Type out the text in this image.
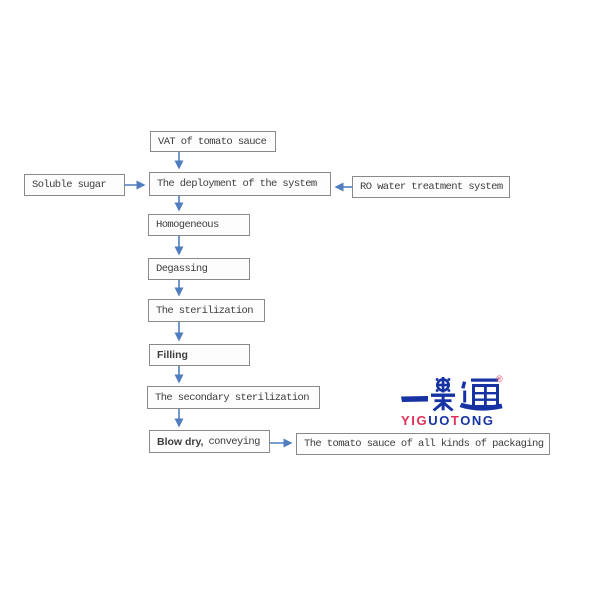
VAT of tomato sauce
Soluble sugar	The deployment of the system	RO water treatment system
Homogeneous
Degassing
The sterilization
Filling
The secondary sterilization
Blow dry, conveying	The tomato sauce of all kinds of packaging
®
YIGUOTONG
